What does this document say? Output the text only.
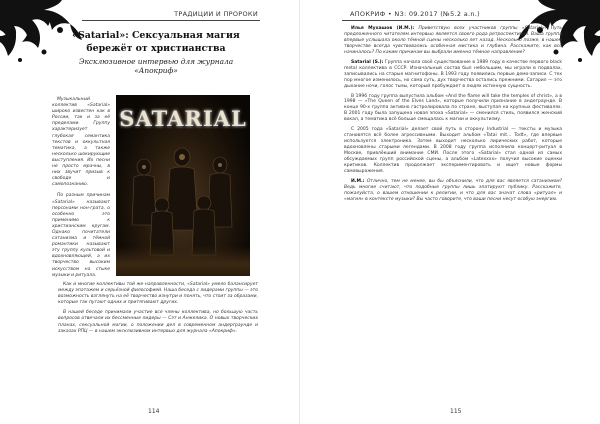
ТРАДИЦИИ И ПРОРОКИ
«Satarial»: Сексуальная магия
бережёт от христианства
Эксклюзивное интервью для журнала «Апокриф»

Музыкальный коллектив «Satarial» широко известен как в России, так и за её пределами. Группу характеризует глубокая семантика текстов и оккультная тематика, а также несколько шокирующие выступления. Их песни не просто мрачны, в них звучит призыв к свободе и самопознанию.

По разным причинам «Satarial» называют персонами нон-грата, о особенно это применимо к христианским кругам. Однако почитатели сатанизма и тёмной романтики называют эту группу культовой и вдохновляющей, а их творчество высоким искусством на стыке музыки и ритуала.

SATARIAL

Как и многие коллективы той же направленности, «Satarial» умело балансирует между эпатажем и серьёзной философией. Наша беседа с лидерами группы — это возможность взглянуть на её творчество изнутри и понять, что стоит за образами, которые так пугают одних и притягивают других.

В нашей беседе принимали участие все члены коллектива, но большую часть вопросов отвечали их бессменные лидеры — Сэт и Анжелика. О новых творческих планах, сексуальной магии, о положении дел в современном андерграунде и заказах РПЦ — в нашем эксклюзивном интервью для журнала «Апокриф».

114
АПОКРИФ • N3: 09.2017 (№5.2 a.n.)

Илья Мухашов (И.М.): Приветствую всех участников группы «Satarial»! Путь предложенного читателям интервью является своего рода ретроспективой. Ваша группа впервые услышала около тёмной сцены несколько лет назад. Несколько позже, в нашем творчестве всегда чувствовались особенная мистика и глубина. Расскажите, как всё начиналось? По каким причинам вы выбрали именно тёмное направление?

Satarial (S.): Группа начала своё существование в 1989 году в качестве первого black metal коллектива в СССР. Изначальный состав был небольшим, мы играли в подвалах, записывались на старые магнитофоны. В 1993 году появились первые демо-записи. С тех пор многое изменилось, но сама суть, дух творчества остались прежними. Сатарил — это дыхание ночи, голос тьмы, который пробуждает в людях истинную сущность.

В 1996 году группа выпустила альбом «And the flame will take the temples of christ», а в 1998 — «The Queen of the Elves Land», которые получили признание в андеграунде. В конце 90-х группа активно гастролировала по стране, выступая на крупных фестивалях. В 2001 году была запущена новая эпоха «Satarial» — сменился стиль, появился женский вокал, а тематика всё больше смещалась к магии и оккультизму.

С 2005 года «Satarial» делает свой путь в сторону Industrial — тексты и музыка становятся всё более агрессивными. Выходит альбом «Tatai mit... Todt», где впервые используется электроника. Затем выходит несколько лирических работ, которые вдохновлены старыми легендами. В 2008 году группа исполнила концерт-ритуал в Москве, привлёкший внимание СМИ. После этого «Satarial» стал одной из самых обсуждаемых групп российской сцены, а альбом «Latexxxx» получил высокие оценки критиков. Коллектив продолжает экспериментировать и ищет новые формы самовыражения.

И.М.: Отлично, тем не менее, вы бы объяснили, что для вас является сатанизмом? Ведь многие считают, что подобные группы лишь эпатируют публику. Расскажите, пожалуйста, о вашем отношении к религии, и что для вас значат слова «ритуал» и «магия» в контексте музыки? Вы часто говорите, что ваши песни несут особую энергию.

115
